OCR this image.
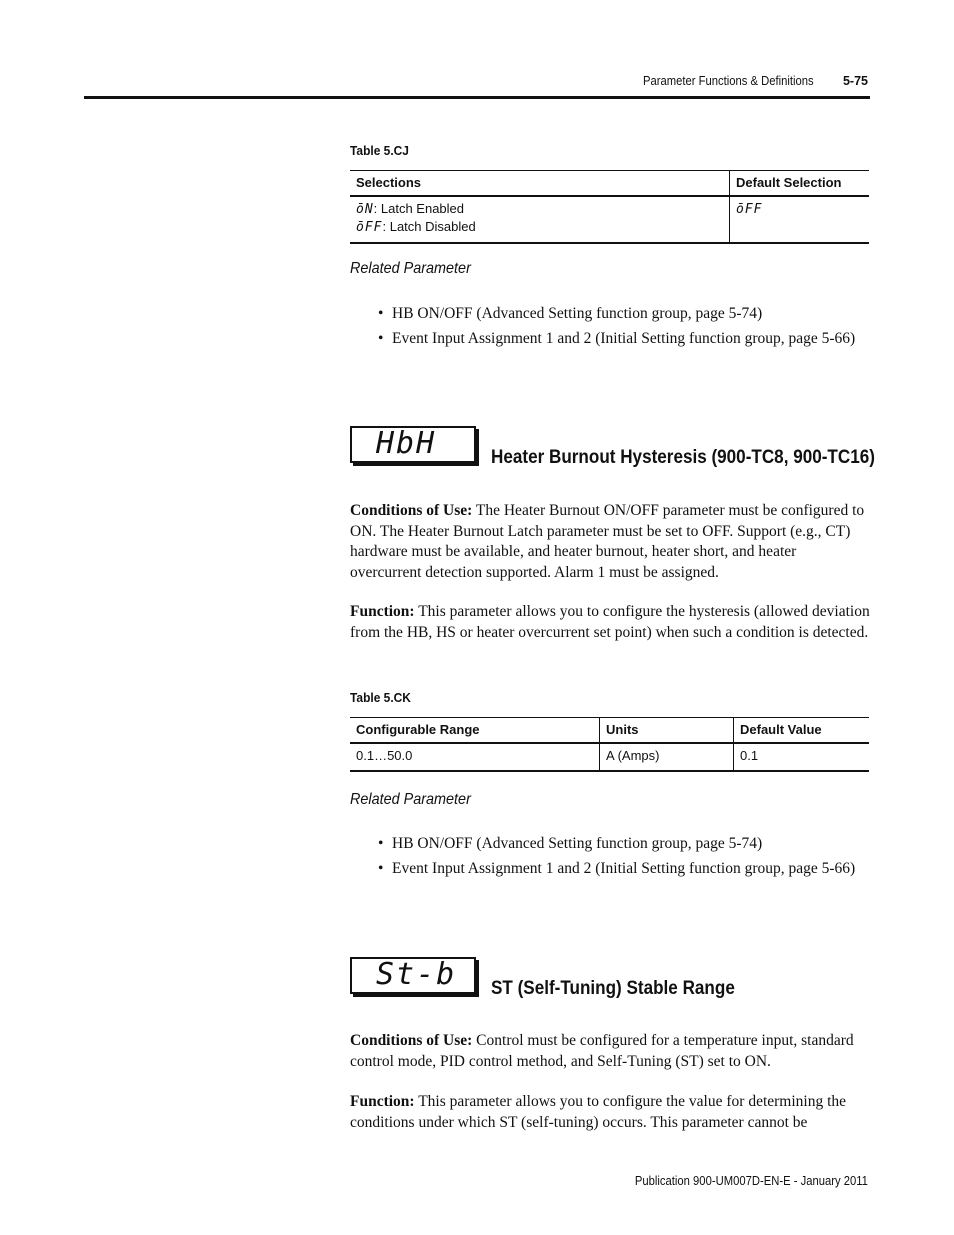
Parameter Functions & Definitions 5-75
Table 5.CJ
Selections	Default Selection
ōN: Latch Enabled
ōFF: Latch Disabled	ōFF
Related Parameter
• HB ON/OFF (Advanced Setting function group, page 5-74)
• Event Input Assignment 1 and 2 (Initial Setting function group, page 5-66)
HbH	Heater Burnout Hysteresis (900-TC8, 900-TC16)
Conditions of Use: The Heater Burnout ON/OFF parameter must be configured to ON. The Heater Burnout Latch parameter must be set to OFF. Support (e.g., CT) hardware must be available, and heater burnout, heater short, and heater overcurrent detection supported. Alarm 1 must be assigned.
Function: This parameter allows you to configure the hysteresis (allowed deviation from the HB, HS or heater overcurrent set point) when such a condition is detected.
Table 5.CK
Configurable Range	Units	Default Value
0.1…50.0	A (Amps)	0.1
Related Parameter
• HB ON/OFF (Advanced Setting function group, page 5-74)
• Event Input Assignment 1 and 2 (Initial Setting function group, page 5-66)
St-b ST (Self-Tuning) Stable Range
Conditions of Use: Control must be configured for a temperature input, standard control mode, PID control method, and Self-Tuning (ST) set to ON.
Function: This parameter allows you to configure the value for determining the conditions under which ST (self-tuning) occurs. This parameter cannot be
Publication 900-UM007D-EN-E - January 2011
